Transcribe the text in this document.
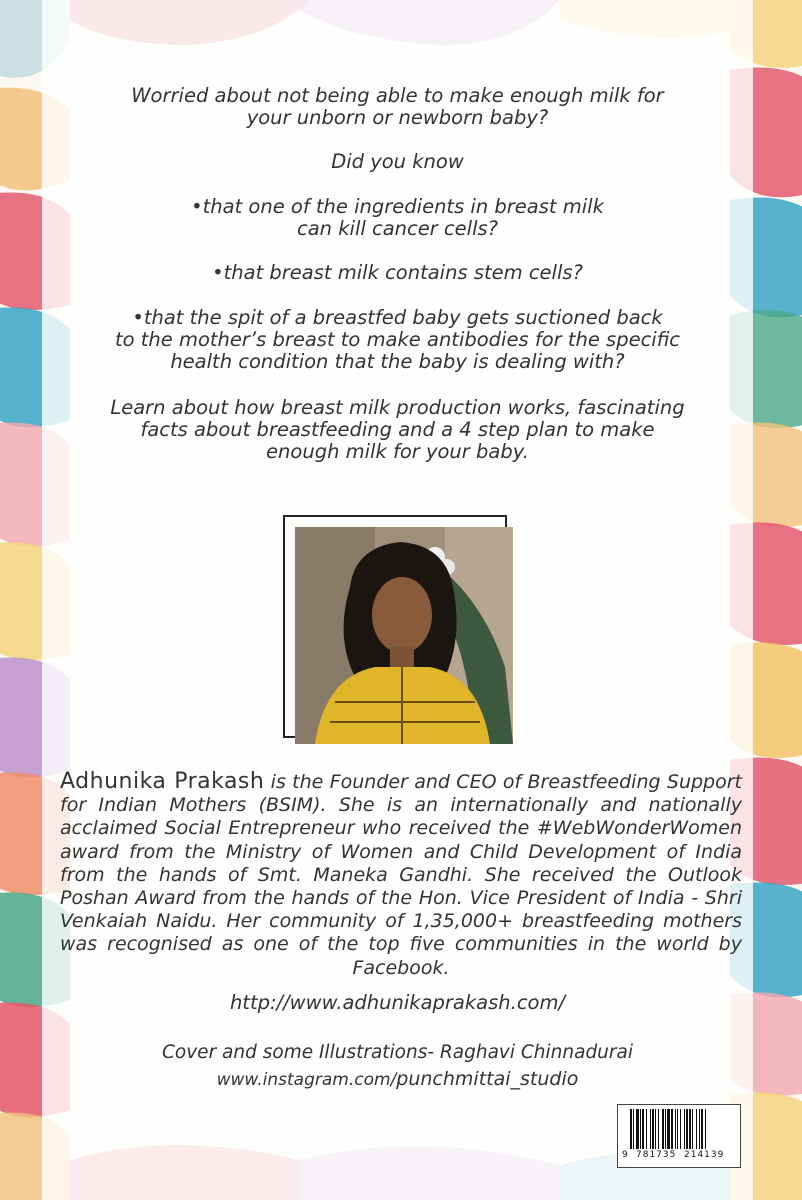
Worried about not being able to make enough milk for
your unborn or newborn baby?

Did you know

•that one of the ingredients in breast milk
can kill cancer cells?

•that breast milk contains stem cells?

•that the spit of a breastfed baby gets suctioned back
to the mother’s breast to make antibodies for the specific
health condition that the baby is dealing with?

Learn about how breast milk production works, fascinating
facts about breastfeeding and a 4 step plan to make
enough milk for your baby.

Adhunika Prakash is the Founder and CEO of Breastfeeding Support for Indian Mothers (BSIM). She is an internationally and nationally acclaimed Social Entrepreneur who received the #WebWonderWomen award from the Ministry of Women and Child Development of India from the hands of Smt. Maneka Gandhi. She received the Outlook Poshan Award from the hands of the Hon. Vice President of India - Shri Venkaiah Naidu. Her community of 1,35,000+ breastfeeding mothers was recognised as one of the top five communities in the world by Facebook.

http://www.adhunikaprakash.com/

Cover and some Illustrations- Raghavi Chinnadurai

www.instagram.com/punchmittai_studio

9 781735 214139
